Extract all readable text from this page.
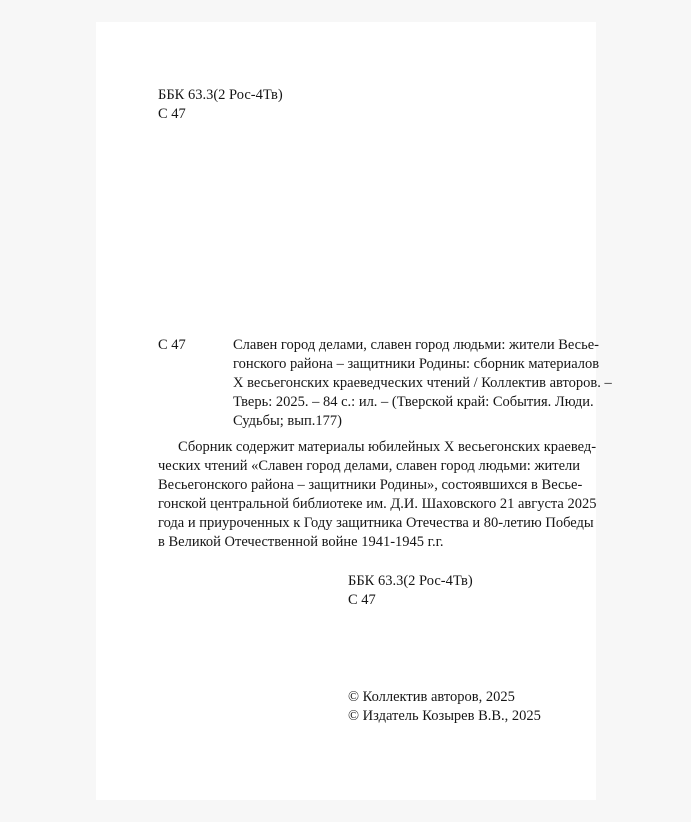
ББК 63.3(2 Рос-4Тв)
С 47
С 47	Славен город делами, славен город людьми: жители Весье-

гонского района – защитники Родины: сборник материалов

Х весьегонских краеведческих чтений / Коллектив авторов. –

Тверь: 2025. – 84 с.: ил. – (Тверской край: События. Люди.

Судьбы; вып.177)

Сборник содержит материалы юбилейных Х весьегонских краевед-

ческих чтений «Славен город делами, славен город людьми: жители

Весьегонского района – защитники Родины», состоявшихся в Весье-

гонской центральной библиотеке им. Д.И. Шаховского 21 августа 2025

года и приуроченных к Году защитника Отечества и 80-летию Победы

в Великой Отечественной войне 1941-1945 г.г.

ББК 63.3(2 Рос-4Тв)
С 47
© Коллектив авторов, 2025
© Издатель Козырев В.В., 2025
